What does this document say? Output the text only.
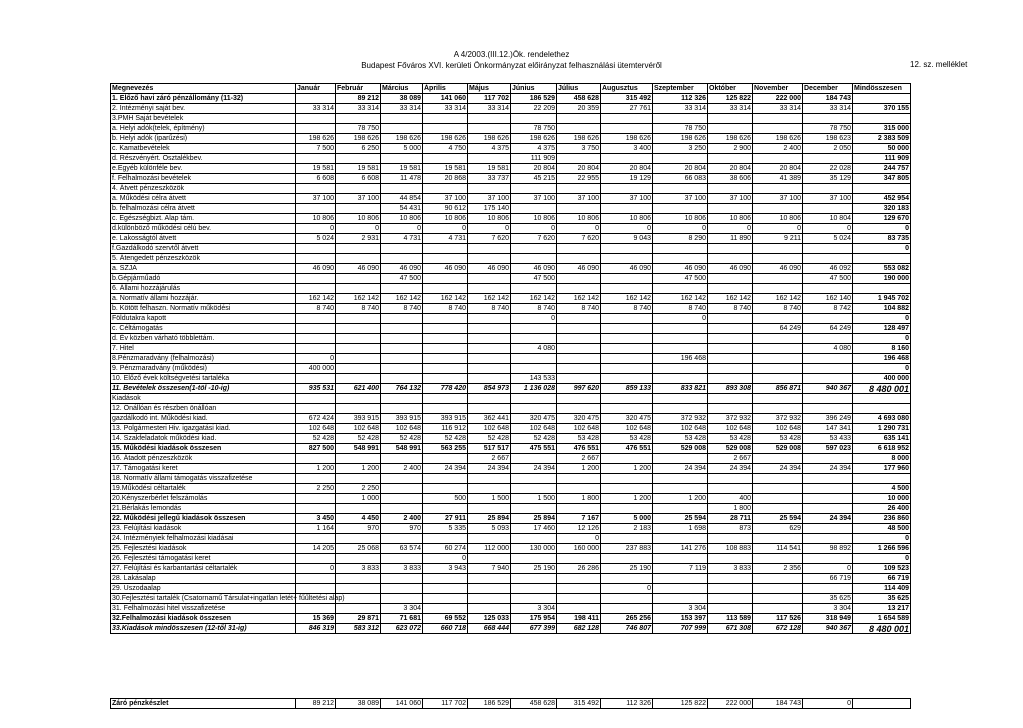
A 4/2003.(III.12.)Ök. rendelethez
Budapest Főváros XVI. kerületi Önkormányzat előirányzat felhasználási ütemtervéről	12. sz. melléklet
Megnevezés	Január	Február	Március	Április	Május	Június	Július	Augusztus	Szeptember	Október	November	December	Mindösszesen
1. Előző havi záró pénzállomány (11-32)		89 212	38 089	141 060	117 702	186 529	458 628	315 492	112 326	125 822	222 000	184 743	
2. Intézményi saját bev.	33 314	33 314	33 314	33 314	33 314	22 209	20 359	27 761	33 314	33 314	33 314	33 314	370 155
3.PMH Saját bevételek													
a. Helyi adók(telek, építmény)		78 750				78 750			78 750			78 750	315 000
b. Helyi adók (iparűzési)	198 626	198 626	198 626	198 626	198 626	198 626	198 626	198 626	198 626	198 626	198 626	198 623	2 383 509
c. Kamatbevételek	7 500	6 250	5 000	4 750	4 375	4 375	3 750	3 400	3 250	2 900	2 400	2 050	50 000
d. Részvényért. Osztalékbev.						111 909							111 909
e.Egyéb különféle bev.	19 581	19 581	19 581	19 581	19 581	20 804	20 804	20 804	20 804	20 804	20 804	22 028	244 757
f. Felhalmozási bevételek	6 608	6 608	11 478	20 868	33 737	45 215	22 955	19 129	66 083	38 606	41 389	35 129	347 805
4. Átvett pénzeszközök													
a. Működési célra átvett	37 100	37 100	44 854	37 100	37 100	37 100	37 100	37 100	37 100	37 100	37 100	37 100	452 954
b. felhalmozási célra átvett			54 431	90 612	175 140								320 183
c. Egészségbizt. Alap tám.	10 806	10 806	10 806	10 806	10 806	10 806	10 806	10 806	10 806	10 806	10 806	10 804	129 670
d.különböző működési célú bev.	0	0	0	0	0	0	0	0	0	0	0	0	0
e. Lakosságtól átvett	5 024	2 931	4 731	4 731	7 620	7 620	7 620	9 043	8 290	11 890	9 211	5 024	83 735
f.Gazdálkodó szervtől átvett													0
5. Átengedett pénzeszközök													
a. SZJA	46 090	46 090	46 090	46 090	46 090	46 090	46 090	46 090	46 090	46 090	46 090	46 092	553 082
b.Gépjárműadó			47 500			47 500			47 500			47 500	190 000
6. Állami hozzájárulás													
a. Normatív állami hozzájár.	162 142	162 142	162 142	162 142	162 142	162 142	162 142	162 142	162 142	162 142	162 142	162 140	1 945 702
b. Kötött felhaszn. Normatív működési	8 740	8 740	8 740	8 740	8 740	8 740	8 740	8 740	8 740	8 740	8 740	8 742	104 882
Földutakra kapott						0			0				0
c. Céltámogatás											64 249	64 249	128 497
d. Év közben várható többlettám.													0
7. Hitel						4 080						4 080	8 160
8.Pénzmaradvány (felhalmozási)	0								196 468				196 468
9. Pénzmaradvány (működési)	400 000												0
10. Előző évek költségvetési tartaléka						143 533							400 000
11. Bevételek összesen(1-töl -10-ig)	935 531	621 400	764 132	778 420	854 973	1 136 028	997 620	859 133	833 821	893 308	856 871	940 367	8 480 001
Kiadások													
12. Önállóan és részben önállóan													
gazdálkodó int. Működési kiad.	672 424	393 915	393 915	393 915	362 441	320 475	320 475	320 475	372 932	372 932	372 932	396 249	4 693 080
13. Polgármesteri Hiv. igazgatási kiad.	102 648	102 648	102 648	116 912	102 648	102 648	102 648	102 648	102 648	102 648	102 648	147 341	1 290 731
14. Szakfeladatok működési kiad.	52 428	52 428	52 428	52 428	52 428	52 428	53 428	53 428	53 428	53 428	53 428	53 433	635 141
15. Működési kiadások összesen	827 500	548 991	548 991	563 255	517 517	475 551	476 551	476 551	529 008	529 008	529 008	597 023	6 618 952
16. Átadott pénzeszközök					2 667		2 667			2 667			8 000
17. Támogatási keret	1 200	1 200	2 400	24 394	24 394	24 394	1 200	1 200	24 394	24 394	24 394	24 394	177 960
18. Normatív állami támogatás visszafizetése													
19.Működési céltartalék	2 250	2 250											4 500
20.Kényszerbérlet felszámolás		1 000		500	1 500	1 500	1 800	1 200	1 200	400			10 000
21.Bérlakás lemondás										1 800			26 400
22. Működési jellegű kiadások összesen	3 450	4 450	2 400	27 911	25 894	25 894	7 167	5 000	25 594	28 711	25 594	24 394	236 860
23. Felújítási kiadások	1 164	970	970	5 335	5 093	17 460	12 126	2 183	1 698	873	629		48 500
24. Intézményiek felhalmozási kiadásai							0						0
25. Fejlesztési kiadások	14 205	25 068	63 574	60 274	112 000	130 000	160 000	237 883	141 276	108 883	114 541	98 892	1 266 596
26. Fejlesztési támogatási keret				0									0
27. Felújítási és karbantartási céltartalék	0	3 833	3 833	3 943	7 940	25 190	26 286	25 190	7 119	3 833	2 356	0	109 523
28. Lakásalap												66 719	66 719
29. Uszodaalap								0					114 409
30.Fejlesztési tartalék (Csatornamű Társulat+ingatlan letét+ fűűltetési alap)												35 625	35 625
31. Felhalmozási hitel visszafizetése			3 304			3 304			3 304			3 304	13 217
32.Felhalmozási kiadások összesen	15 369	29 871	71 681	69 552	125 033	175 954	198 411	265 256	153 397	113 589	117 526	318 949	1 654 589
33.Kiadások mindösszesen (12-től 31-ig)	846 319	583 312	623 072	660 718	668 444	677 399	682 128	746 807	707 999	671 308	672 128	940 367	8 480 001
Záró pénzkészlet	89 212	38 089	141 060	117 702	186 529	458 628	315 492	112 326	125 822	222 000	184 743	0	
